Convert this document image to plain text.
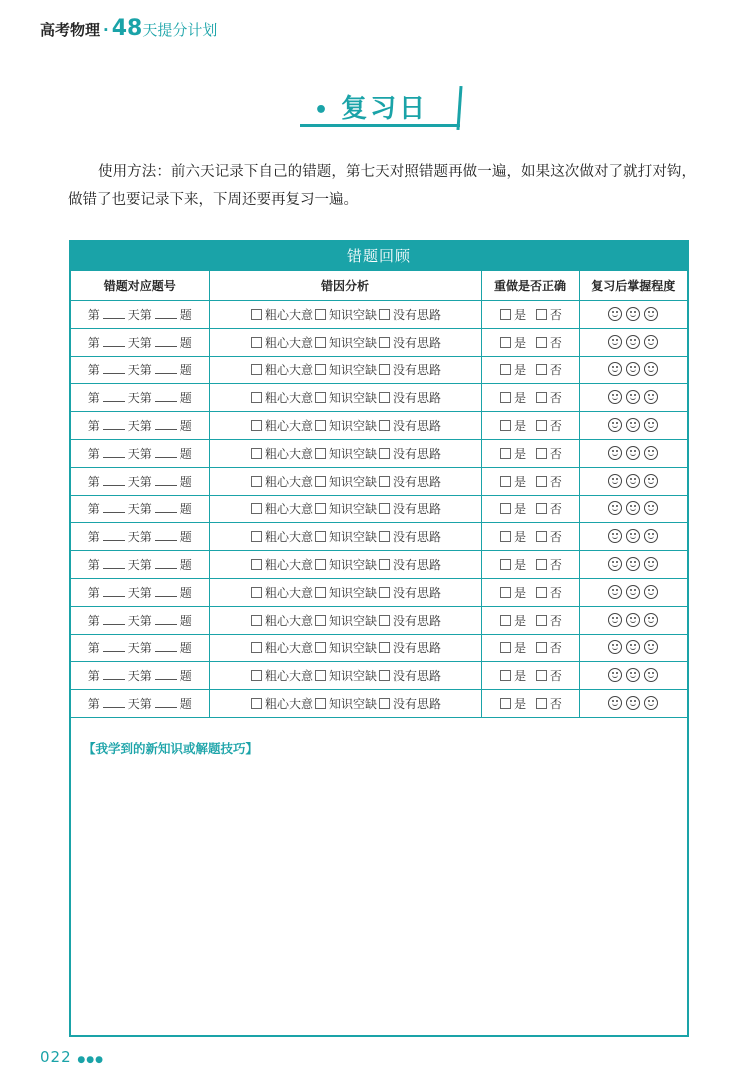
高考物理 · 48天提分计划
• 复习日
使用方法：前六天记录下自己的错题，第七天对照错题再做一遍，如果这次做对了就打对钩，做错了也要记录下来，下周还要再复习一遍。
错题回顾
错题对应题号	错因分析	重做是否正确	复习后掌握程度
第 天第 题	粗心大意 知识空缺 没有思路	是 否	
第 天第 题	粗心大意 知识空缺 没有思路	是 否	
第 天第 题	粗心大意 知识空缺 没有思路	是 否	
第 天第 题	粗心大意 知识空缺 没有思路	是 否	
第 天第 题	粗心大意 知识空缺 没有思路	是 否	
第 天第 题	粗心大意 知识空缺 没有思路	是 否	
第 天第 题	粗心大意 知识空缺 没有思路	是 否	
第 天第 题	粗心大意 知识空缺 没有思路	是 否	
第 天第 题	粗心大意 知识空缺 没有思路	是 否	
第 天第 题	粗心大意 知识空缺 没有思路	是 否	
第 天第 题	粗心大意 知识空缺 没有思路	是 否	
第 天第 题	粗心大意 知识空缺 没有思路	是 否	
第 天第 题	粗心大意 知识空缺 没有思路	是 否	
第 天第 题	粗心大意 知识空缺 没有思路	是 否	
第 天第 题	粗心大意 知识空缺 没有思路	是 否	
【我学到的新知识或解题技巧】
022 ●●●
